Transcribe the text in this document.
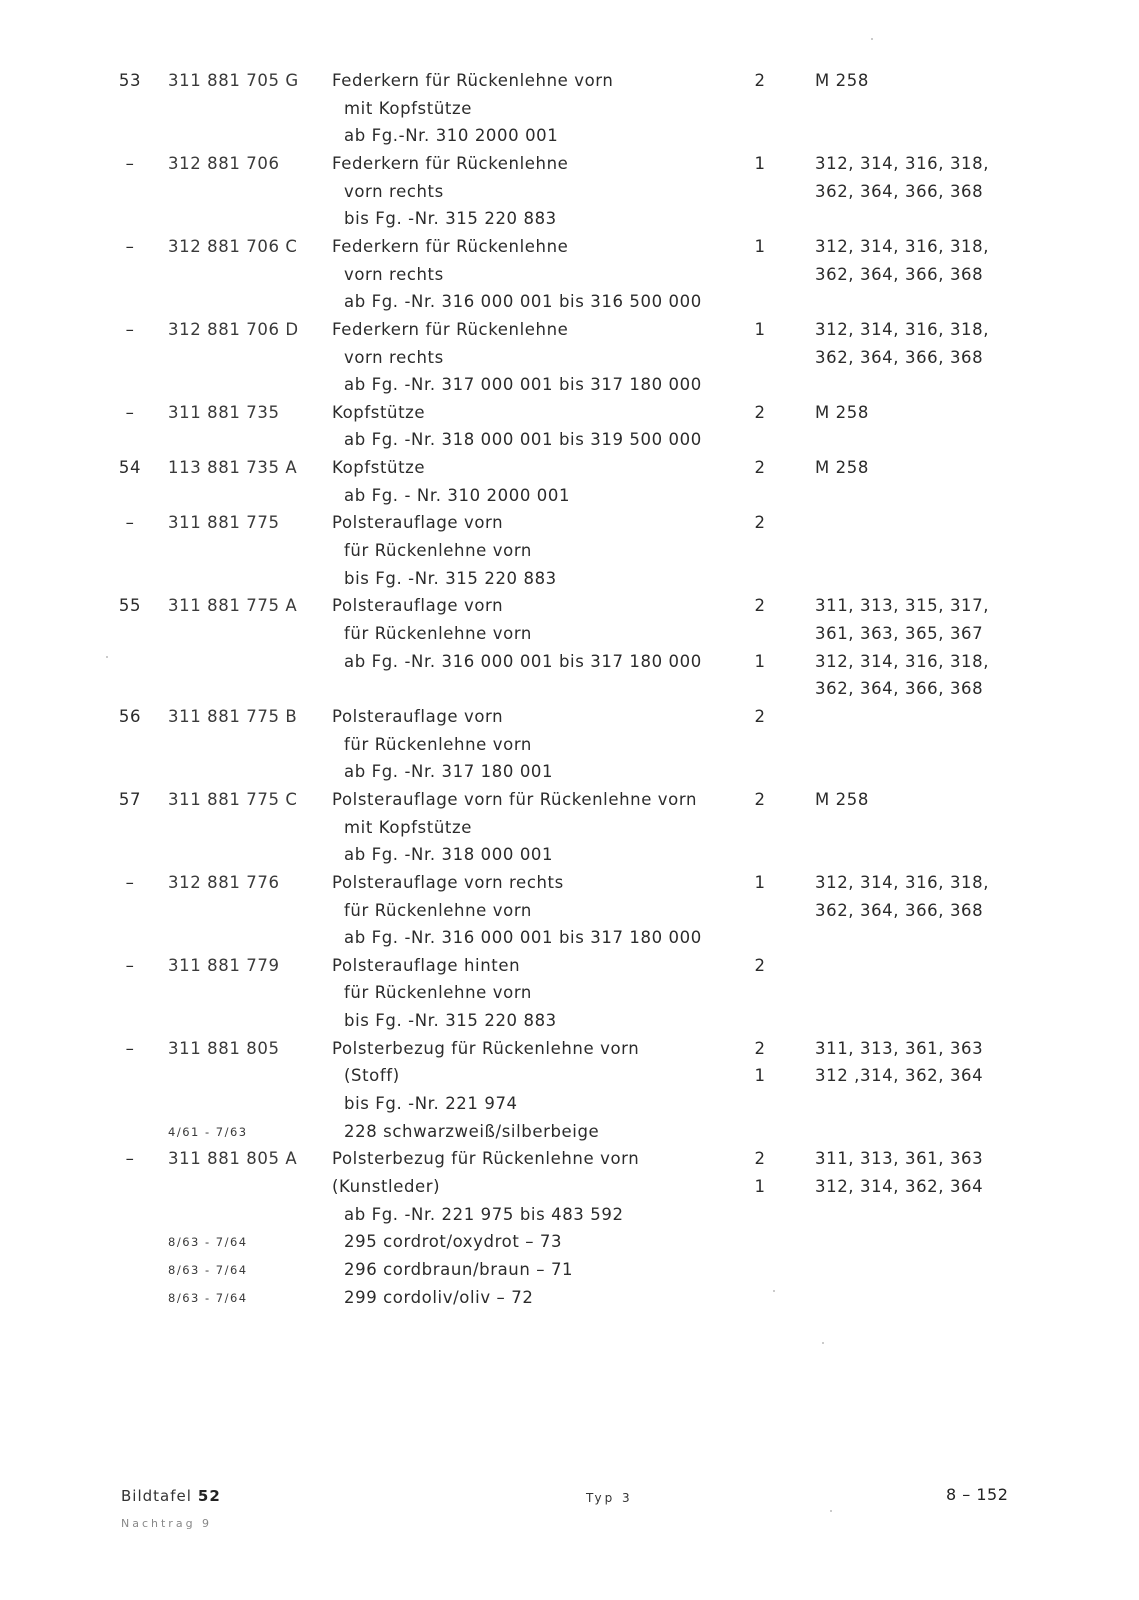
53	311 881 705 G Federkern für Rückenlehne vorn	2	M 258
mit Kopfstütze
ab Fg.-Nr. 310 2000 001
–	312 881 706	Federkern für Rückenlehne	1	312, 314, 316, 318,
vorn rechts	362, 364, 366, 368
bis Fg. -Nr. 315 220 883
–	312 881 706 C Federkern für Rückenlehne	1	312, 314, 316, 318,
vorn rechts	362, 364, 366, 368
ab Fg. -Nr. 316 000 001 bis 316 500 000
–	312 881 706 D Federkern für Rückenlehne	1	312, 314, 316, 318,
vorn rechts	362, 364, 366, 368
ab Fg. -Nr. 317 000 001 bis 317 180 000
–	311 881 735	Kopfstütze	2	M 258
ab Fg. -Nr. 318 000 001 bis 319 500 000
54	113 881 735 A Kopfstütze	2	M 258
ab Fg. - Nr. 310 2000 001
–	311 881 775	Polsterauflage vorn	2
für Rückenlehne vorn
bis Fg. -Nr. 315 220 883
55	311 881 775 A Polsterauflage vorn	2	311, 313, 315, 317,
für Rückenlehne vorn	361, 363, 365, 367
ab Fg. -Nr. 316 000 001 bis 317 180 000	1	312, 314, 316, 318,
362, 364, 366, 368
56	311 881 775 B Polsterauflage vorn	2
für Rückenlehne vorn
ab Fg. -Nr. 317 180 001
57	311 881 775 C Polsterauflage vorn für Rückenlehne vorn	2	M 258
mit Kopfstütze
ab Fg. -Nr. 318 000 001
–	312 881 776	Polsterauflage vorn rechts	1	312, 314, 316, 318,
für Rückenlehne vorn	362, 364, 366, 368
ab Fg. -Nr. 316 000 001 bis 317 180 000
–	311 881 779	Polsterauflage hinten	2
für Rückenlehne vorn
bis Fg. -Nr. 315 220 883
–	311 881 805	Polsterbezug für Rückenlehne vorn	2	311, 313, 361, 363
(Stoff)	1	312 ,314, 362, 364
bis Fg. -Nr. 221 974
4/61 - 7/63	228 schwarzweiß/silberbeige
–	311 881 805 A Polsterbezug für Rückenlehne vorn	2	311, 313, 361, 363
(Kunstleder)	1	312, 314, 362, 364
ab Fg. -Nr. 221 975 bis 483 592
8/63 - 7/64	295 cordrot/oxydrot – 73
8/63 - 7/64	296 cordbraun/braun – 71
8/63 - 7/64	299 cordoliv/oliv – 72
Bildtafel 52
Nachtrag 9
Typ 3	8 – 152
